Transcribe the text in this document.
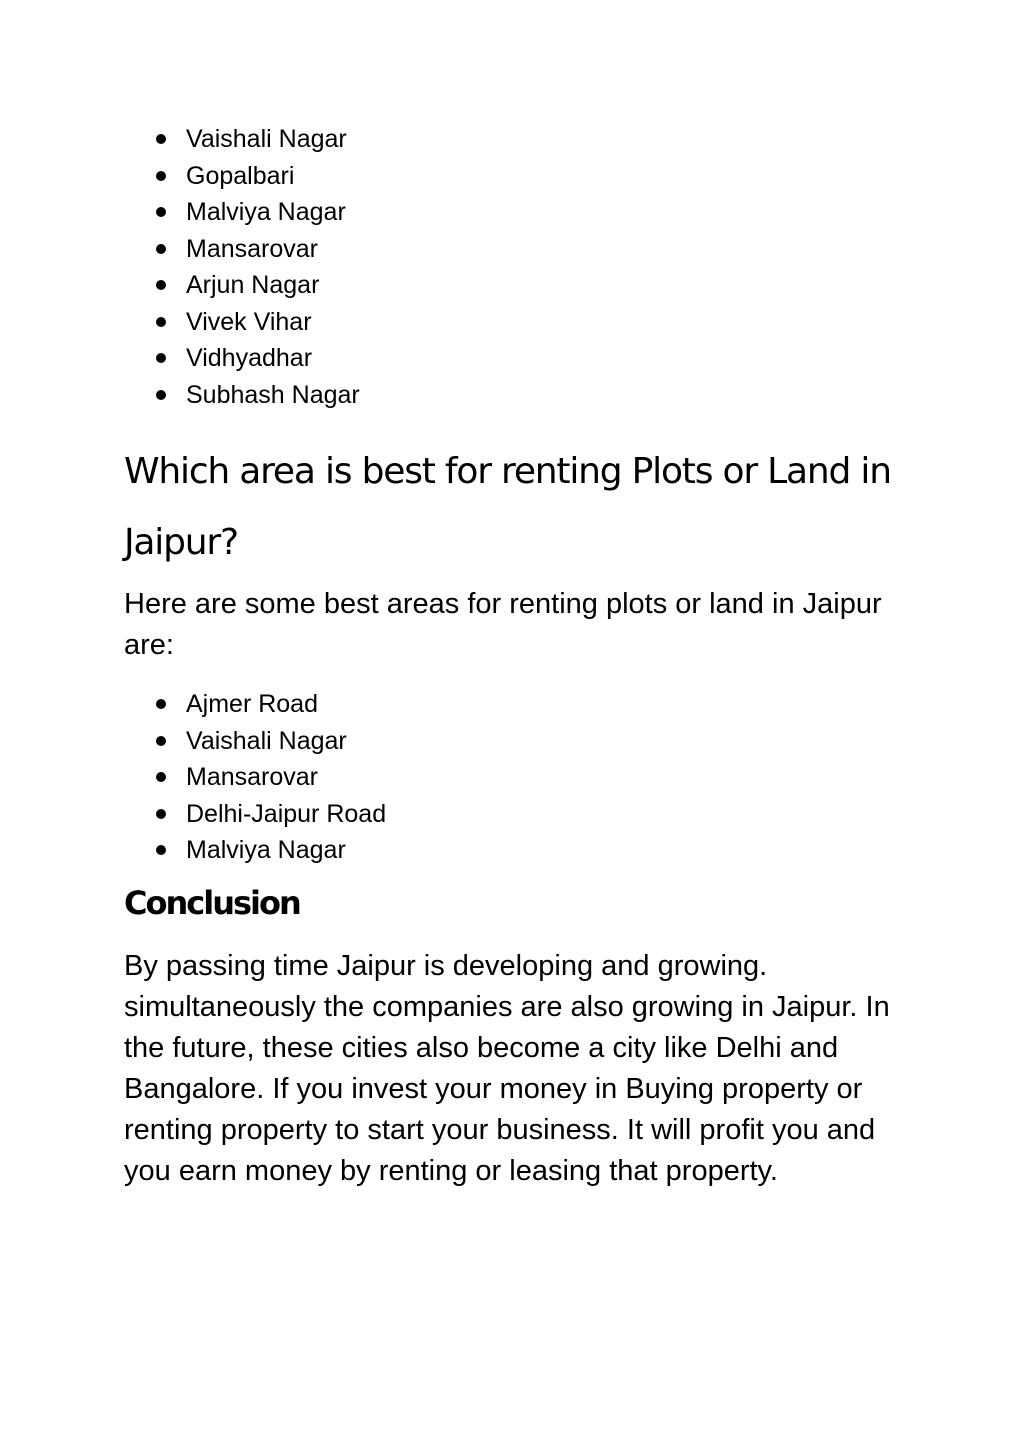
Vaishali Nagar
Gopalbari
Malviya Nagar
Mansarovar
Arjun Nagar
Vivek Vihar
Vidhyadhar
Subhash Nagar
Which area is best for renting Plots or Land in Jaipur?

Here are some best areas for renting plots or land in Jaipur are:

Ajmer Road
Vaishali Nagar
Mansarovar
Delhi-Jaipur Road
Malviya Nagar
Conclusion

By passing time Jaipur is developing and growing. simultaneously the companies are also growing in Jaipur. In the future, these cities also become a city like Delhi and Bangalore. If you invest your money in Buying property or renting property to start your business. It will profit you and you earn money by renting or leasing that property.
